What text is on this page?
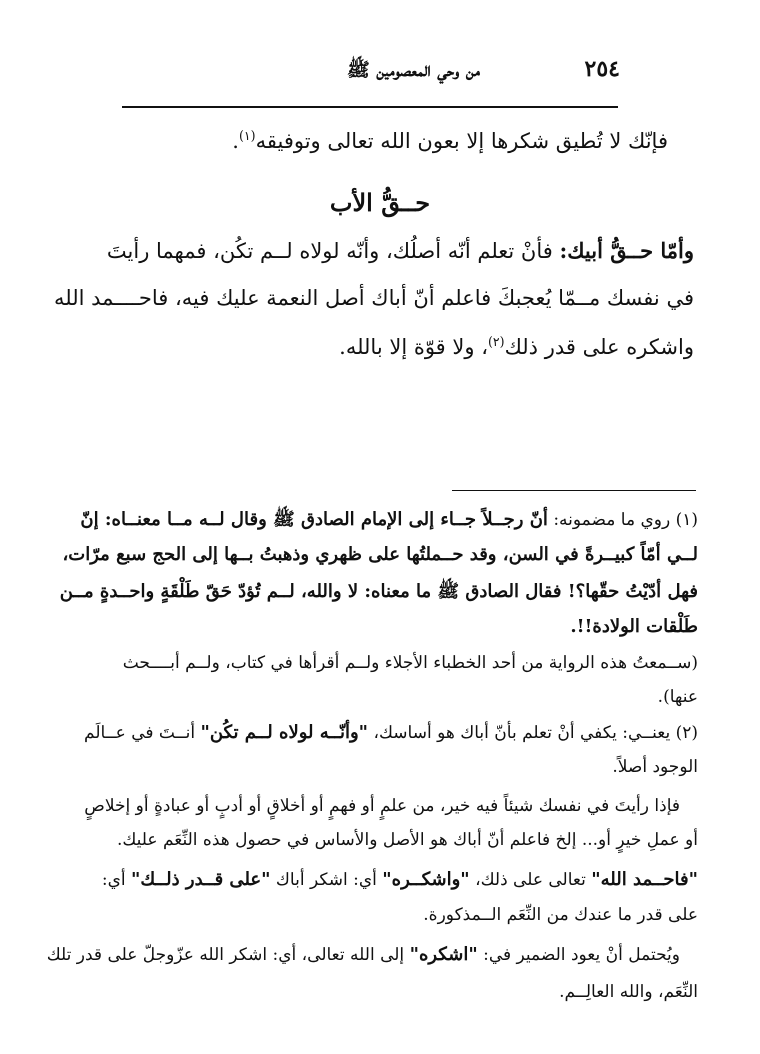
٢٥٤
من وحي المعصومين ﷺ
فإنّك لا تُطيق شكرها إلا بعون الله تعالى وتوفيقه$^{(١)}$.
حــقُّ الأب
وأمّا حــقُّ أبيك: فأنْ تعلم أنّه أصلُك، وأنّه لولاه لــم تكُن، فمهما رأيتَ
في نفسك مــمّا يُعجبكَ فاعلم أنّ أباك أصل النعمة عليك فيه، فاحــــمد الله
واشكره على قدر ذلك$^{(٢)}$، ولا قوّة إلا بالله.
(١) روي ما مضمونه: أنّ رجــلاً جــاء إلى الإمام الصادق ﷺ وقال لــه مــا معنــاه: إنّ
لــي أمّاً كبيــرةً في السن، وقد حــملتُها على ظهري وذهبتُ بــها إلى الحج سبع مرّات،
فهل أدّيْتُ حقّها؟! فقال الصادق ﷺ ما معناه: لا والله، لــم تُؤدّ حَقّ طَلْقَةٍ واحــدةٍ مــن
طَلْقات الولادة!!.
(ســمعتُ هذه الرواية من أحد الخطباء الأجلاء ولــم أقرأها في كتاب، ولــم أبــــحث
عنها).
(٢) يعنــي: يكفي أنْ تعلم بأنّ أباك هو أساسك، "وأنّــه لولاه لــم تكُن" أنــتَ في عــالَم
الوجود أصلاً.
فإذا رأيتَ في نفسك شيئاً فيه خير، من علمٍ أو فهمٍ أو أخلاقٍ أو أدبٍ أو عبادةٍ أو إخلاصٍ
أو عملِ خيرٍ أو... إلخ فاعلم أنّ أباك هو الأصل والأساس في حصول هذه النِّعَم عليك.
"فاحــمد الله" تعالى على ذلك، "واشكــره" أي: اشكر أباك "على قــدر ذلــك" أي:
على قدر ما عندك من النِّعَم الــمذكورة.
ويُحتمل أنْ يعود الضمير في: "اشكره" إلى الله تعالى، أي: اشكر الله عزّوجلّ على قدر تلك
النِّعَم، والله العالِــم.
